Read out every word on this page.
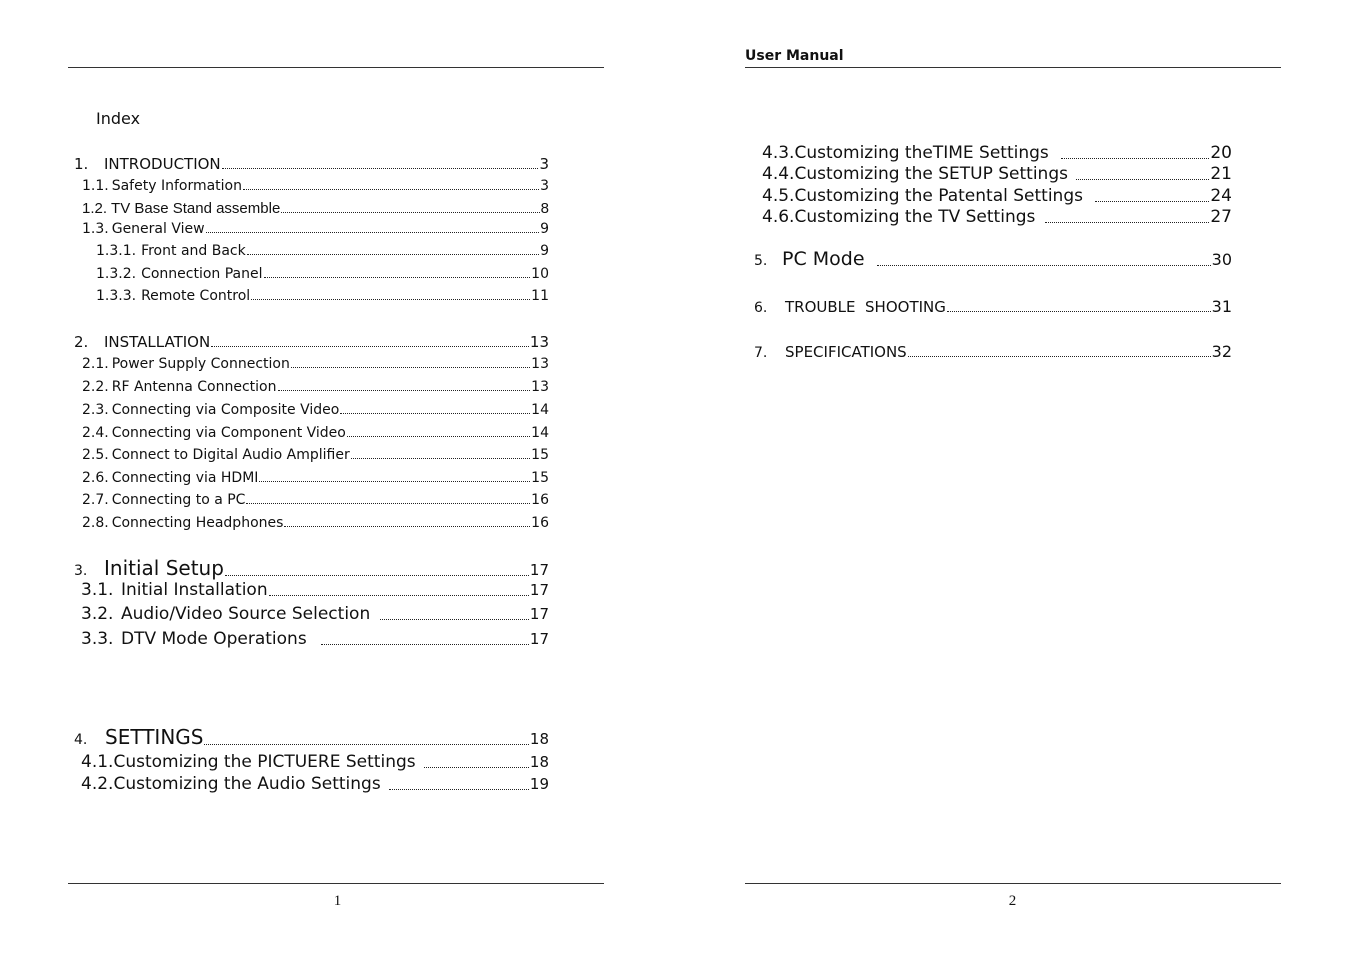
Index
1.	INTRODUCTION	3
1.1. Safety Information	3
1.2. TV Base Stand assemble	8
1.3. General View	9
1.3.1. Front and Back	9
1.3.2. Connection Panel	10
1.3.3. Remote Control	11
2.	INSTALLATION	13
2.1. Power Supply Connection	13
2.2. RF Antenna Connection	13
2.3. Connecting via Composite Video	14
2.4. Connecting via Component Video	14
2.5. Connect to Digital Audio Amplifier	15
2.6. Connecting via HDMI	15
2.7. Connecting to a PC	16
2.8. Connecting Headphones	16
3. Initial Setup	17
3.1. Initial Installation	17
3.2. Audio/Video Source Selection	17
3.3. DTV Mode Operations	17
4. SETTINGS	18
4.1. Customizing the PICTUERE Settings	18
4.2. Customizing the Audio Settings	19
1
User Manual
4.3. Customizing theTIME Settings	20
4.4. Customizing the SETUP Settings	21
4.5. Customizing the Patental Settings	24
4.6. Customizing the TV Settings	27
5. PC Mode	30
6.	TROUBLE  SHOOTING	31
7.	SPECIFICATIONS	32
2
